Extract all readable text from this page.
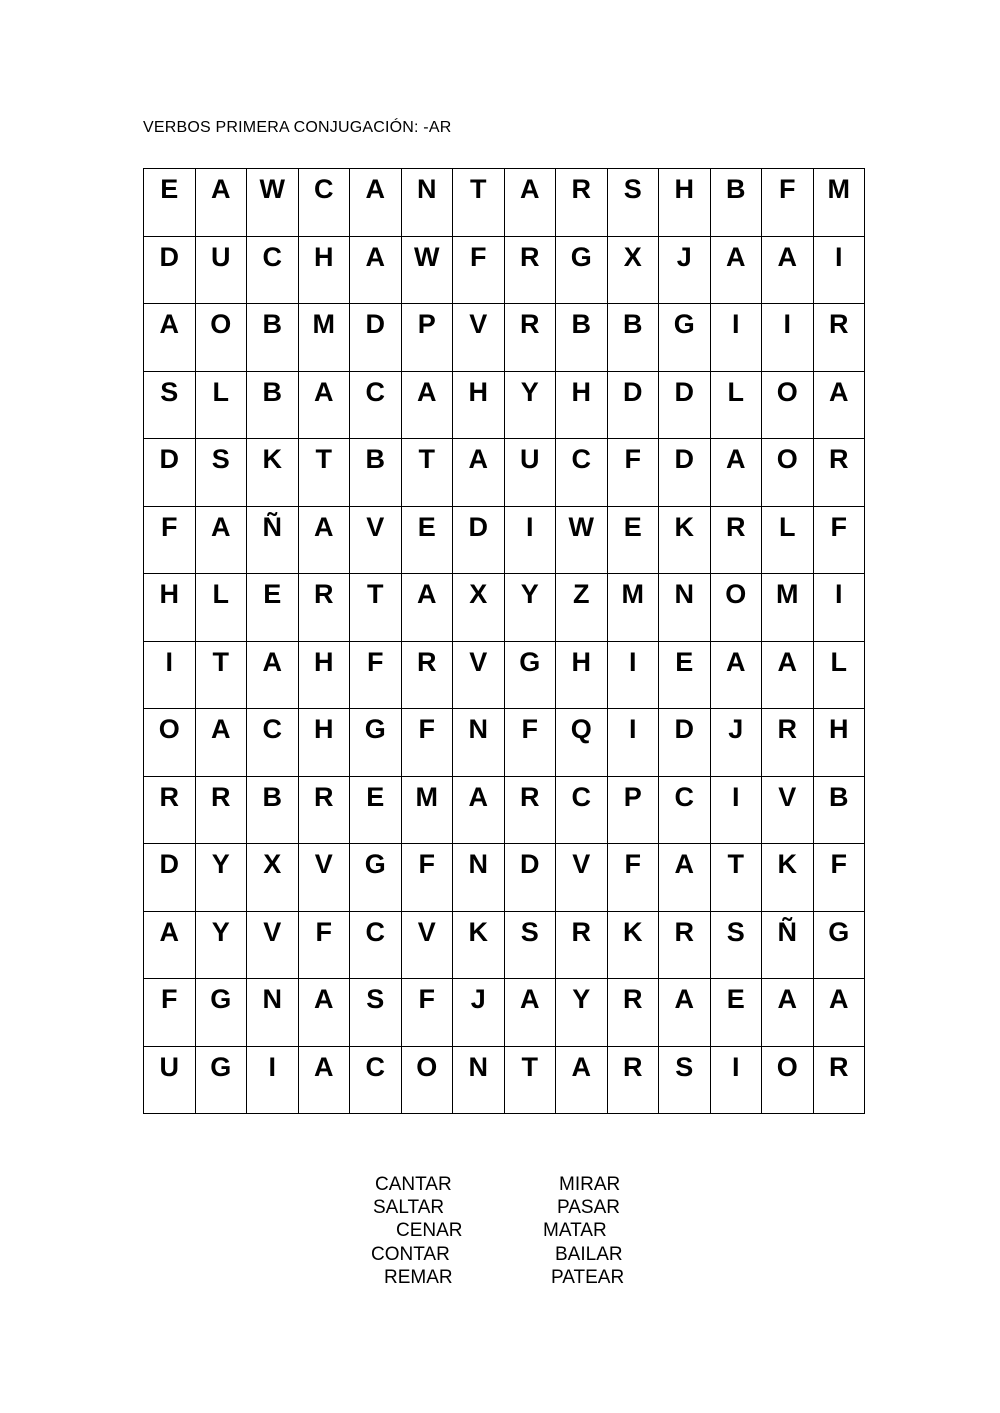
VERBOS PRIMERA CONJUGACIÓN: -AR
E	A	W	C	A	N	T	A	R	S	H	B	F	M
D	U	C	H	A	W	F	R	G	X	J	A	A	I
A	O	B	M	D	P	V	R	B	B	G	I	I	R
S	L	B	A	C	A	H	Y	H	D	D	L	O	A
D	S	K	T	B	T	A	U	C	F	D	A	O	R
F	A	Ñ	A	V	E	D	I	W	E	K	R	L	F
H	L	E	R	T	A	X	Y	Z	M	N	O	M	I
I	T	A	H	F	R	V	G	H	I	E	A	A	L
O	A	C	H	G	F	N	F	Q	I	D	J	R	H
R	R	B	R	E	M	A	R	C	P	C	I	V	B
D	Y	X	V	G	F	N	D	V	F	A	T	K	F
A	Y	V	F	C	V	K	S	R	K	R	S	Ñ	G
F	G	N	A	S	F	J	A	Y	R	A	E	A	A
U	G	I	A	C	O	N	T	A	R	S	I	O	R
CANTAR
SALTAR
CENAR
CONTAR
REMAR
MIRAR
PASAR
MATAR
BAILAR
PATEAR
